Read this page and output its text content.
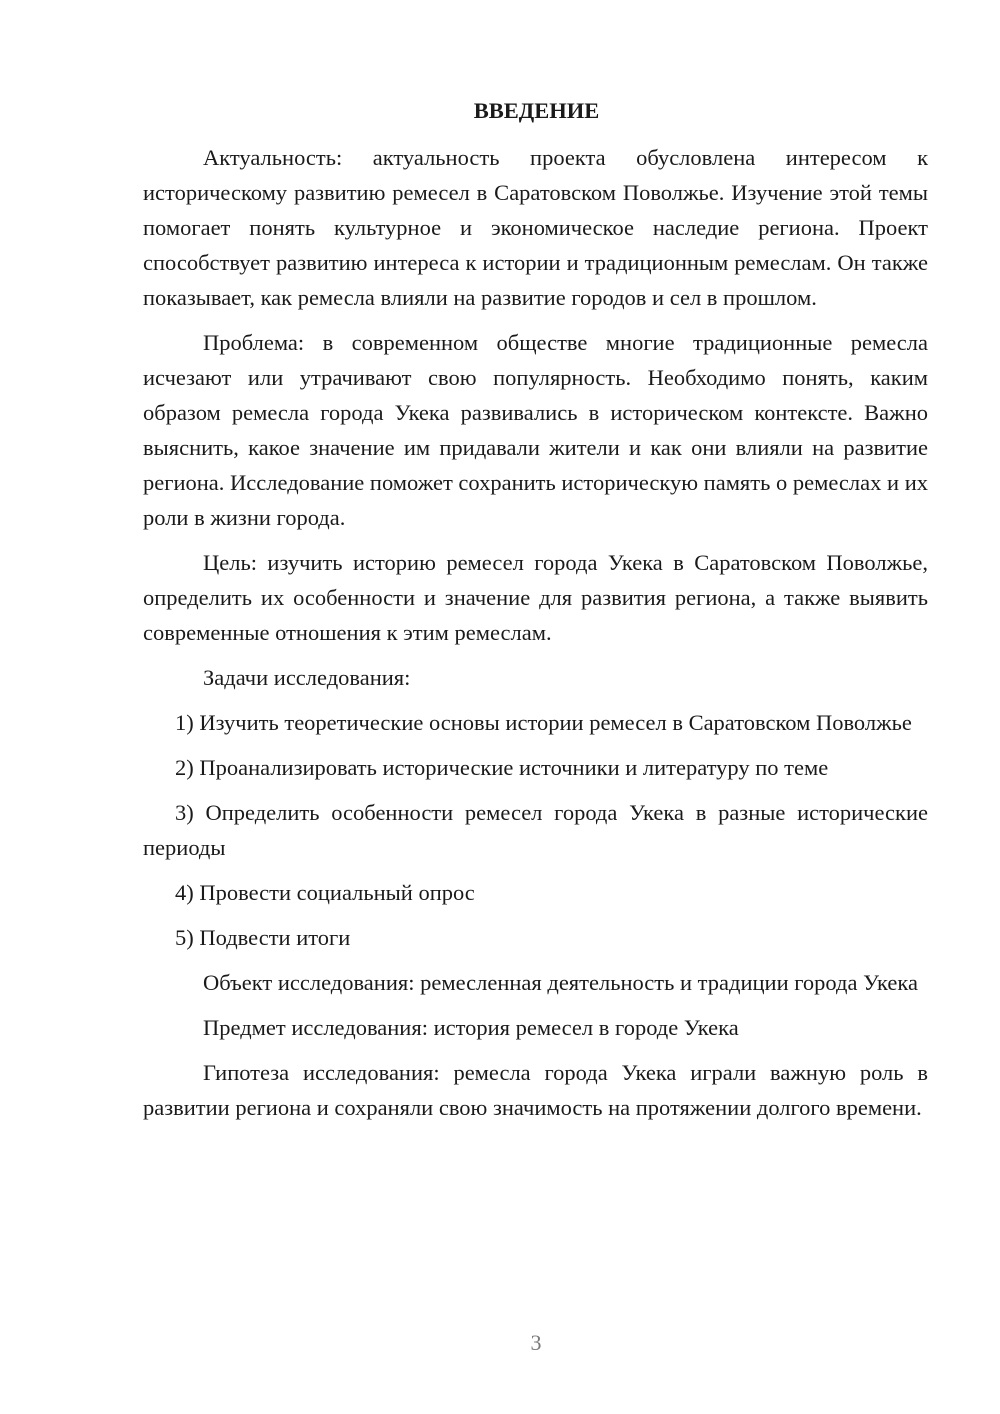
ВВЕДЕНИЕ

Актуальность: актуальность проекта обусловлена интересом к историческому развитию ремесел в Саратовском Поволжье. Изучение этой темы помогает понять культурное и экономическое наследие региона. Проект способствует развитию интереса к истории и традиционным ремеслам. Он также показывает, как ремесла влияли на развитие городов и сел в прошлом.

Проблема: в современном обществе многие традиционные ремесла исчезают или утрачивают свою популярность. Необходимо понять, каким образом ремесла города Укека развивались в историческом контексте. Важно выяснить, какое значение им придавали жители и как они влияли на развитие региона. Исследование поможет сохранить историческую память о ремеслах и их роли в жизни города.

Цель: изучить историю ремесел города Укека в Саратовском Поволжье, определить их особенности и значение для развития региона, а также выявить современные отношения к этим ремеслам.

Задачи исследования:

1) Изучить теоретические основы истории ремесел в Саратовском Поволжье

2) Проанализировать исторические источники и литературу по теме

3) Определить особенности ремесел города Укека в разные исторические периоды

4) Провести социальный опрос

5) Подвести итоги

Объект исследования: ремесленная деятельность и традиции города Укека

Предмет исследования: история ремесел в городе Укека

Гипотеза исследования: ремесла города Укека играли важную роль в развитии региона и сохраняли свою значимость на протяжении долгого времени.

3
